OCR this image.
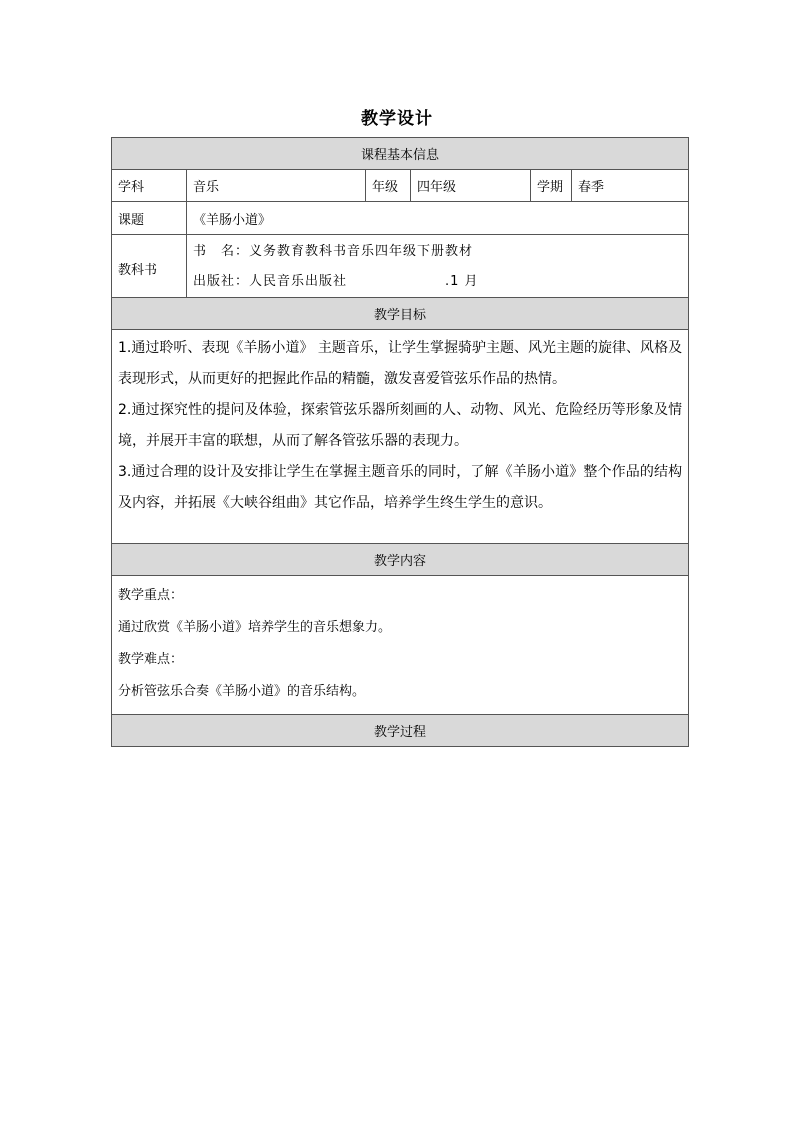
教学设计
课程基本信息					
学科	音乐	年级	四年级	学期	春季
课题	《羊肠小道》				
教科书	书　名：义务教育教科书音乐四年级下册教材
出版社：人民音乐出版社　　　　　　　.1 月				

教学目标					

1.通过聆听、表现《羊肠小道》 主题音乐，让学生掌握骑驴主题、风光主题的旋律、风格及表现形式，从而更好的把握此作品的精髓，激发喜爱管弦乐作品的热情。

2.通过探究性的提问及体验，探索管弦乐器所刻画的人、动物、风光、危险经历等形象及情境，并展开丰富的联想，从而了解各管弦乐器的表现力。

3.通过合理的设计及安排让学生在掌握主题音乐的同时，了解《羊肠小道》整个作品的结构及内容，并拓展《大峡谷组曲》其它作品，培养学生终生学生的意识。					

教学内容					

教学重点：

通过欣赏《羊肠小道》培养学生的音乐想象力。

教学难点：

分析管弦乐合奏《羊肠小道》的音乐结构。					

教学过程					
